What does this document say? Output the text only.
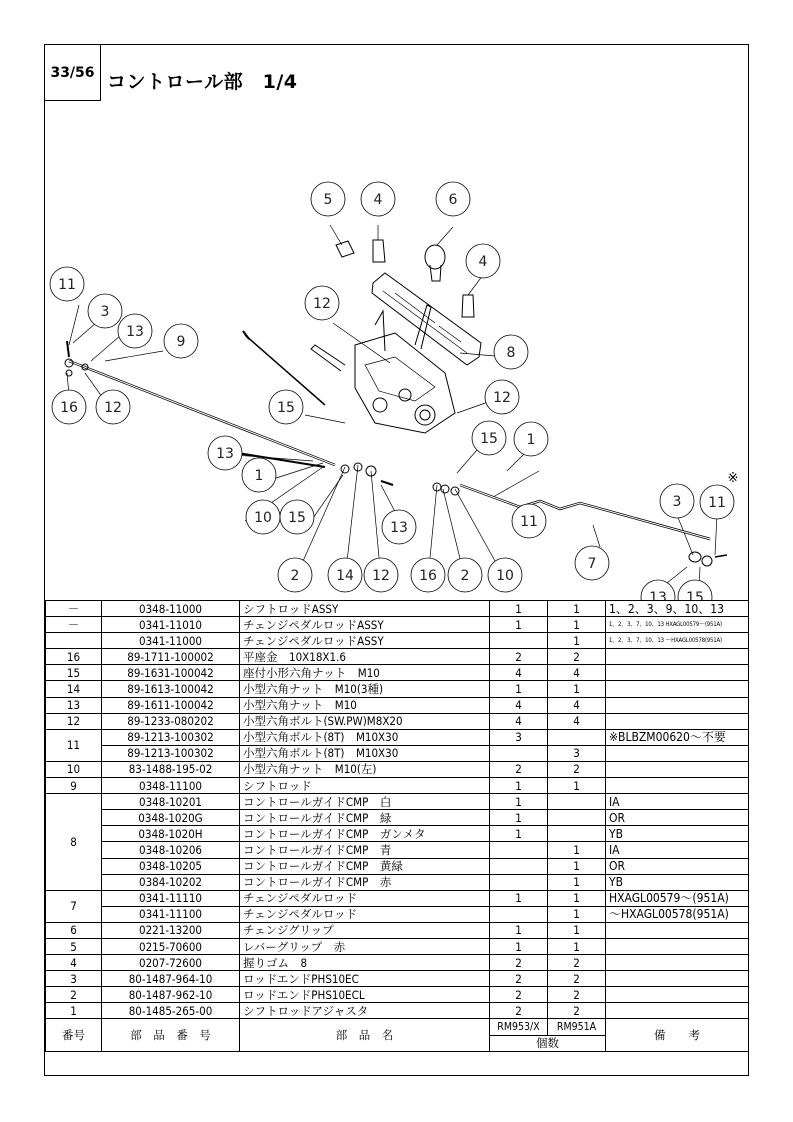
33/56 コントロール部　1/4
5	4	6
4
11
3
13
9
12
8
12
15
16 12	15
1
13
1
10 15	11
13
7
※
3 11
2	14 12 16 2 10
13 15
－	0348-11000	シフトロッドASSY	1	1	1、2、3、9、10、13
－	0341-11010	チェンジペダルロッドASSY	1	1	1、2、3、7、10、13 HXAGL00579〜(951A)
	0341-11000	チェンジペダルロッドASSY		1	1、2、3、7、10、13 〜HXAGL00578(951A)
16	89-1711-100002	平座金　10X18X1.6	2	2	
15	89-1631-100042	座付小形六角ナット　M10	4	4	
14	89-1613-100042	小型六角ナット　M10(3種)	1	1	
13	89-1611-100042	小型六角ナット　M10	4	4	
12	89-1233-080202	小型六角ボルト(SW.PW)M8X20	4	4	
11	89-1213-100302	小型六角ボルト(8T)　M10X30	3		※BLBZM00620〜不要
	89-1213-100302	小型六角ボルト(8T)　M10X30		3	
10	83-1488-195-02	小型六角ナット　M10(左)	2	2	
9	0348-11100	シフトロッド	1	1	
8	0348-10201	コントロールガイドCMP　白	1		IA
	0348-1020G	コントロールガイドCMP　緑	1		OR
	0348-1020H	コントロールガイドCMP　ガンメタ	1		YB
	0348-10206	コントロールガイドCMP　青		1	IA
	0348-10205	コントロールガイドCMP　黄緑		1	OR
	0384-10202	コントロールガイドCMP　赤		1	YB
7	0341-11110	チェンジペダルロッド	1	1	HXAGL00579〜(951A)
	0341-11100	チェンジペダルロッド		1	〜HXAGL00578(951A)
6	0221-13200	チェンジグリップ	1	1	
5	0215-70600	レバーグリップ　赤	1	1	
4	0207-72600	握りゴム　8	2	2	
3	80-1487-964-10	ロッドエンドPHS10EC	2	2	
2	80-1487-962-10	ロッドエンドPHS10ECL	2	2	
1	80-1485-265-00	シフトロッドアジャスタ	2	2	
番号	部　品　番　号	部　品　名	RM953/X	RM951A	備　　考
			個数		
